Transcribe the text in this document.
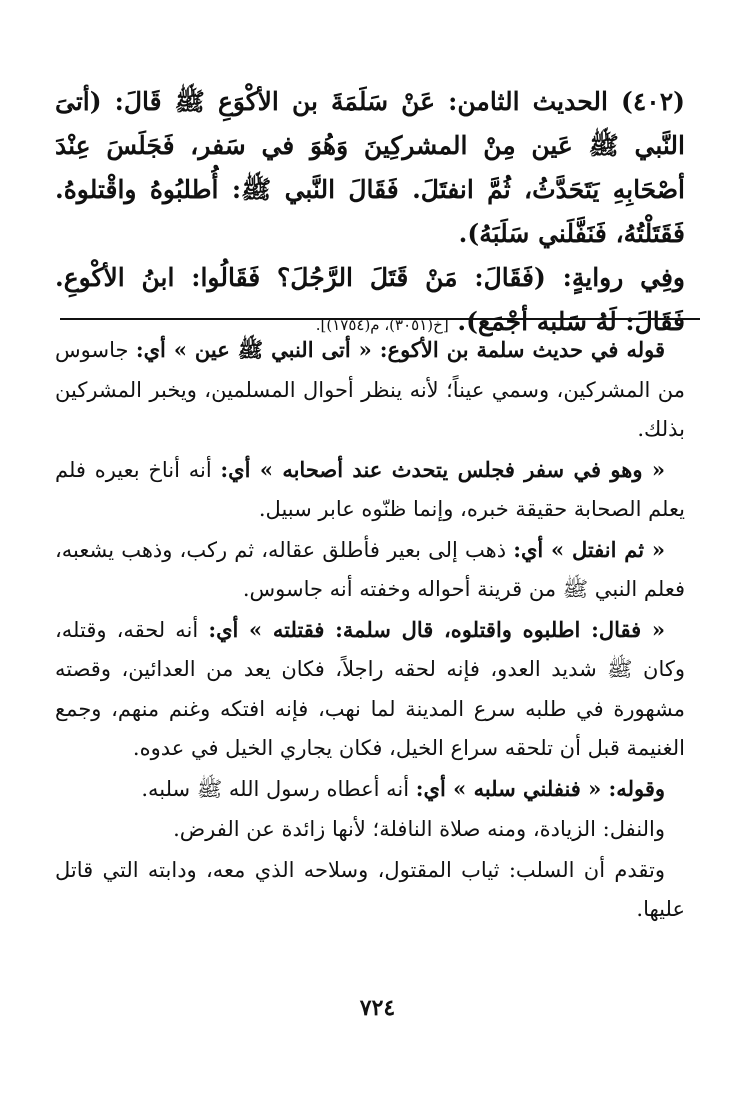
(٤٠٢) الحديث الثامن: عَنْ سَلَمَةَ بن الأكْوَعِ ﷺ قَالَ: (أتىَ النَّبي ﷺ عَين مِنْ المشركِينَ وَهُوَ في سَفر، فَجَلَسَ عِنْدَ أصْحَابِهِ يَتَحَدَّثُ، ثُمَّ انفتَلَ. فَقَالَ النَّبي ﷺ: أُطلبُوهُ واقْتلوهُ. فَقَتَلْتُهُ، فَنَفَّلَني سَلَبَهُ).

وفِي روايةٍ: (فَقَالَ: مَنْ قَتَلَ الرَّجُلَ؟ فَقَالُوا: ابنُ الأكْوعِ. فَقَالَ: لَهُ سَلبه أجْمَع). [خ(٣٠٥١)، م(١٧٥٤)].

قوله في حديث سلمة بن الأكوع: « أتى النبي ﷺ عين » أي: جاسوس من المشركين، وسمي عيناً؛ لأنه ينظر أحوال المسلمين، ويخبر المشركين بذلك.

« وهو في سفر فجلس يتحدث عند أصحابه » أي: أنه أناخ بعيره فلم يعلم الصحابة حقيقة خبره، وإنما ظنّوه عابر سبيل.

« ثم انفتل » أي: ذهب إلى بعير فأطلق عقاله، ثم ركب، وذهب يشعبه، فعلم النبي ﷺ من قرينة أحواله وخفته أنه جاسوس.

« فقال: اطلبوه واقتلوه، قال سلمة: فقتلته » أي: أنه لحقه، وقتله، وكان ﷺ شديد العدو، فإنه لحقه راجلاً، فكان يعد من العدائين، وقصته مشهورة في طلبه سرع المدينة لما نهب، فإنه افتكه وغنم منهم، وجمع الغنيمة قبل أن تلحقه سراع الخيل، فكان يجاري الخيل في عدوه.

وقوله: « فنفلني سلبه » أي: أنه أعطاه رسول الله ﷺ سلبه.

والنفل: الزيادة، ومنه صلاة النافلة؛ لأنها زائدة عن الفرض.

وتقدم أن السلب: ثياب المقتول، وسلاحه الذي معه، ودابته التي قاتل عليها.

٧٢٤
